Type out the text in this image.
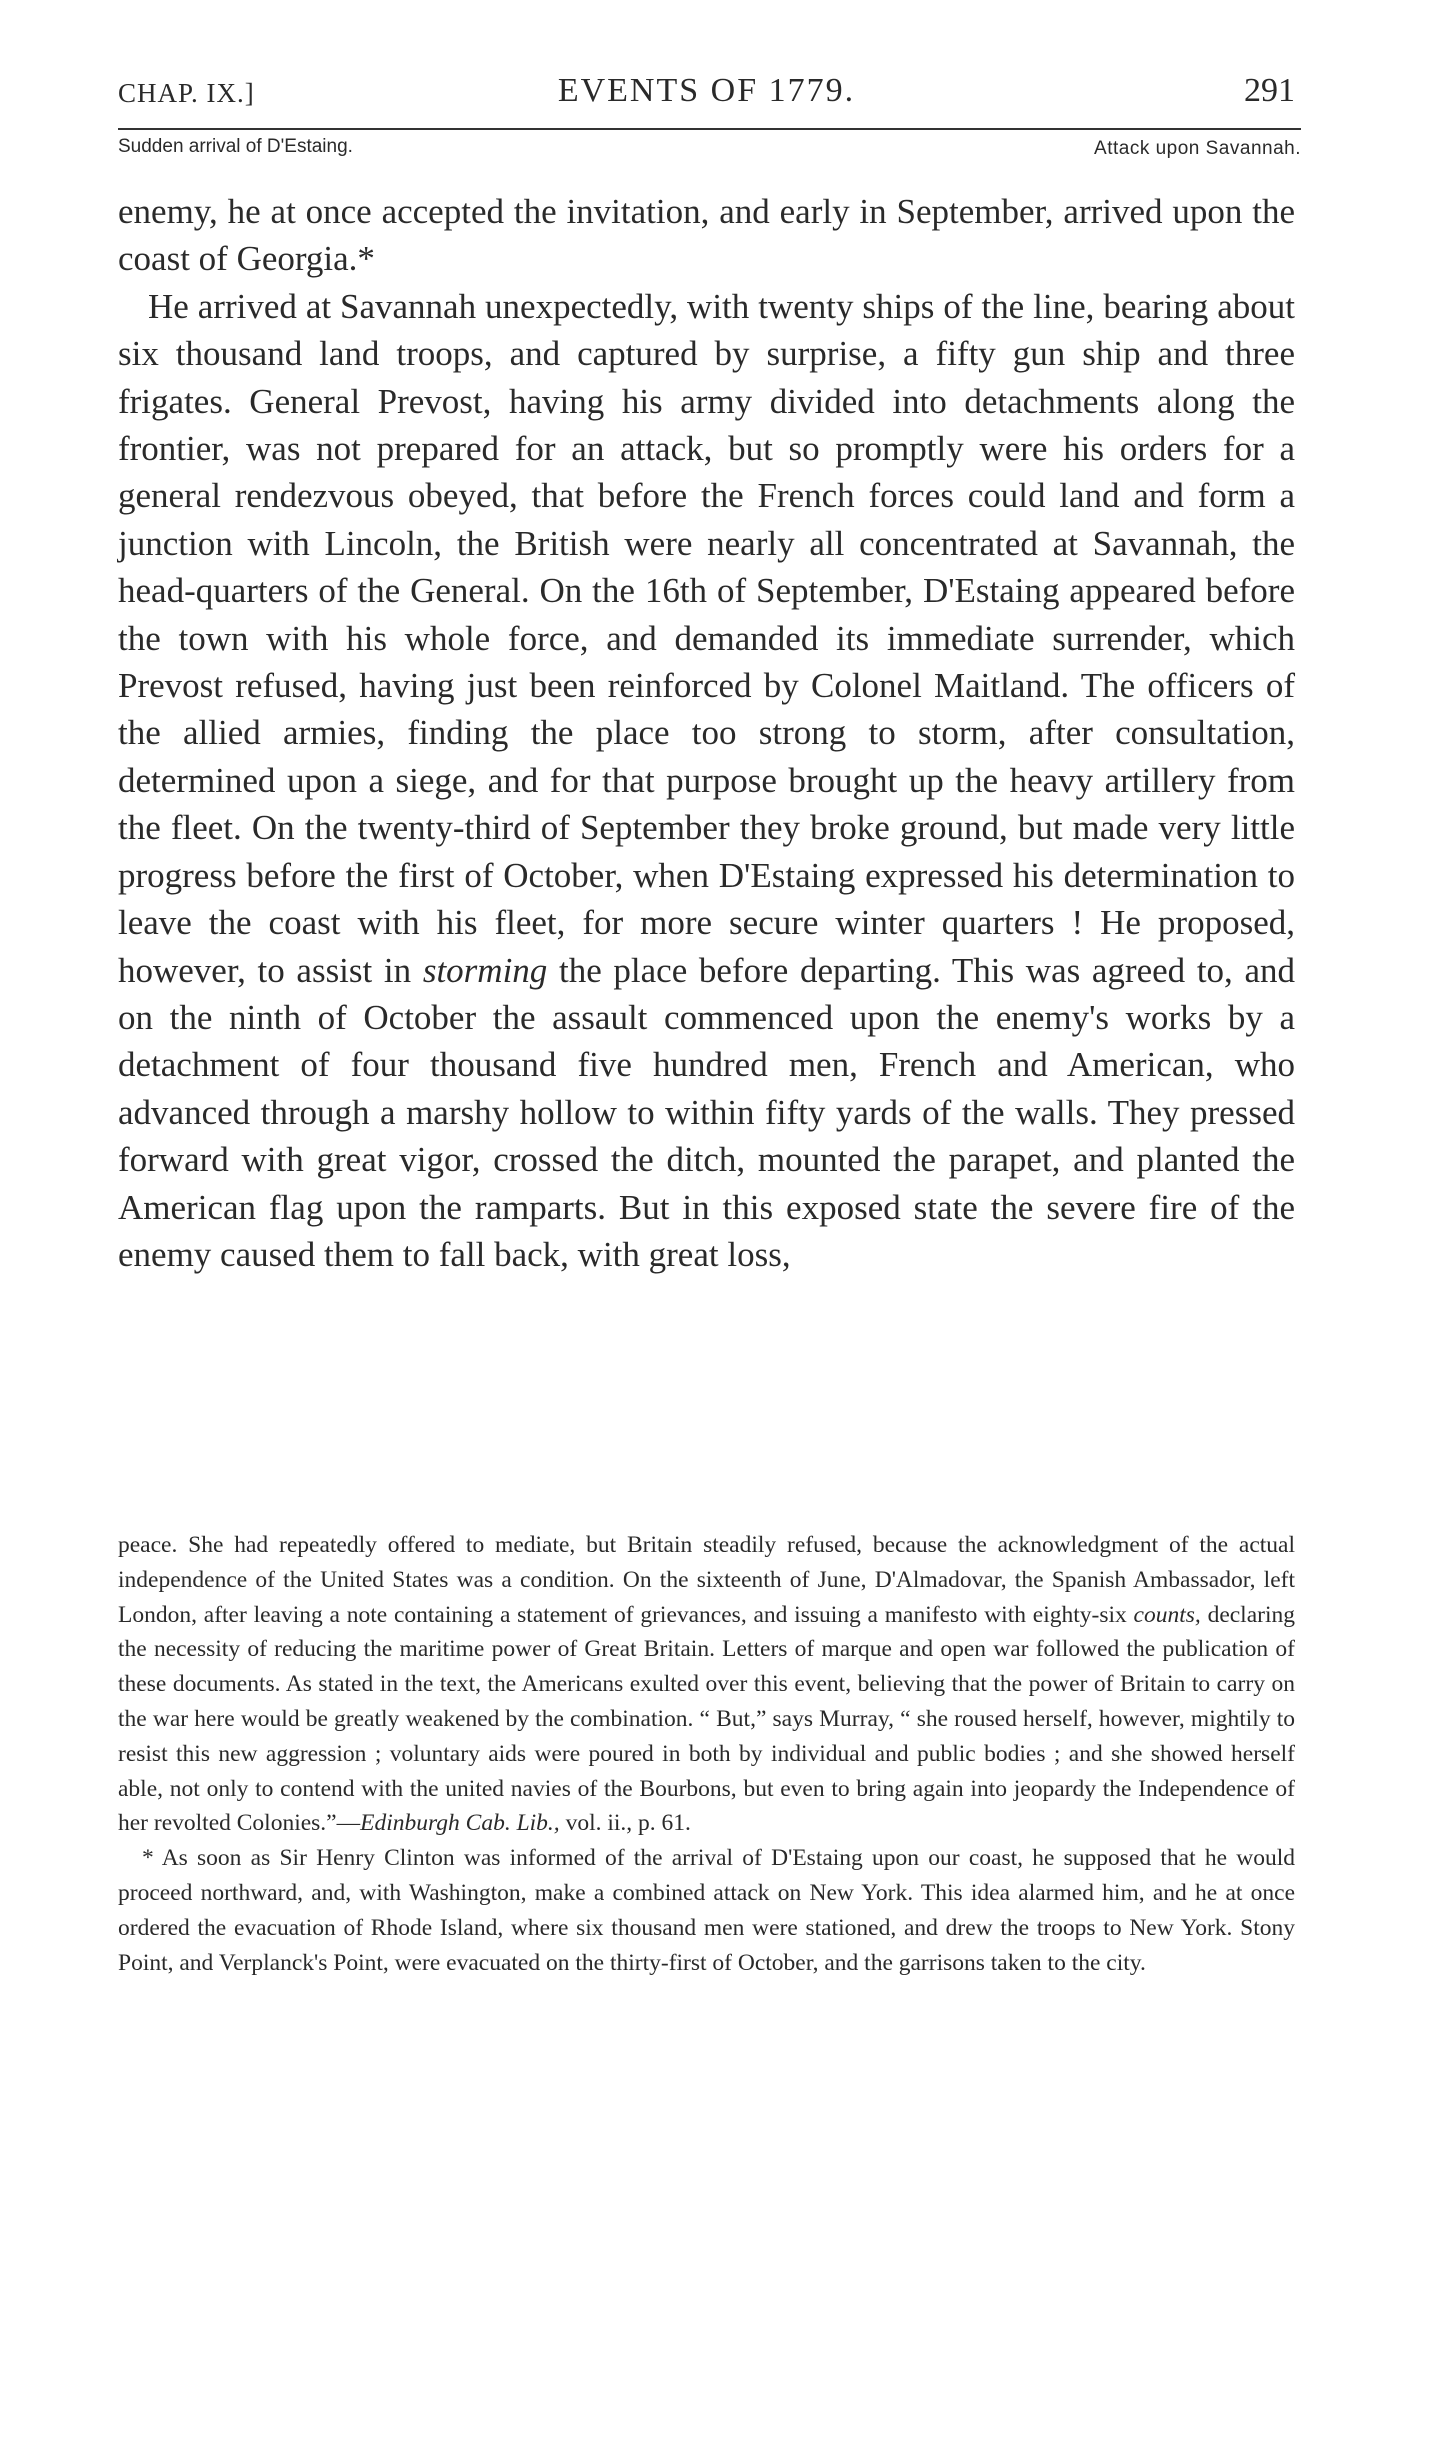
CHAP. IX.]	EVENTS OF 1779.	291
Sudden arrival of D'Estaing.	Attack upon Savannah.

enemy, he at once accepted the invitation, and early in September, arrived upon the coast of Georgia.*

He arrived at Savannah unexpectedly, with twenty ships of the line, bearing about six thousand land troops, and captured by surprise, a fifty gun ship and three frigates. General Prevost, having his army divided into detachments along the frontier, was not prepared for an attack, but so promptly were his orders for a general rendezvous obeyed, that before the French forces could land and form a junction with Lincoln, the British were nearly all concentrated at Savannah, the head-quarters of the General. On the 16th of September, D'Estaing appeared before the town with his whole force, and demanded its immediate surrender, which Prevost refused, having just been reinforced by Colonel Maitland. The officers of the allied armies, finding the place too strong to storm, after consultation, determined upon a siege, and for that purpose brought up the heavy artillery from the fleet. On the twenty-third of September they broke ground, but made very little progress before the first of October, when D'Estaing expressed his determination to leave the coast with his fleet, for more secure winter quarters ! He proposed, however, to assist in storming the place before departing. This was agreed to, and on the ninth of October the assault commenced upon the enemy's works by a detachment of four thousand five hundred men, French and American, who advanced through a marshy hollow to within fifty yards of the walls. They pressed forward with great vigor, crossed the ditch, mounted the parapet, and planted the American flag upon the ramparts. But in this exposed state the severe fire of the enemy caused them to fall back, with great loss,

peace. She had repeatedly offered to mediate, but Britain steadily refused, because the acknowledgment of the actual independence of the United States was a condition. On the sixteenth of June, D'Almadovar, the Spanish Ambassador, left London, after leaving a note containing a statement of grievances, and issuing a manifesto with eighty-six counts, declaring the necessity of reducing the maritime power of Great Britain. Letters of marque and open war followed the publication of these documents. As stated in the text, the Americans exulted over this event, believing that the power of Britain to carry on the war here would be greatly weakened by the combination. “ But,” says Murray, “ she roused herself, however, mightily to resist this new aggression ; voluntary aids were poured in both by individual and public bodies ; and she showed herself able, not only to contend with the united navies of the Bourbons, but even to bring again into jeopardy the Independence of her revolted Colonies.”—Edinburgh Cab. Lib., vol. ii., p. 61.

* As soon as Sir Henry Clinton was informed of the arrival of D'Estaing upon our coast, he supposed that he would proceed northward, and, with Washington, make a combined attack on New York. This idea alarmed him, and he at once ordered the evacuation of Rhode Island, where six thousand men were stationed, and drew the troops to New York. Stony Point, and Verplanck's Point, were evacuated on the thirty-first of October, and the garrisons taken to the city.
